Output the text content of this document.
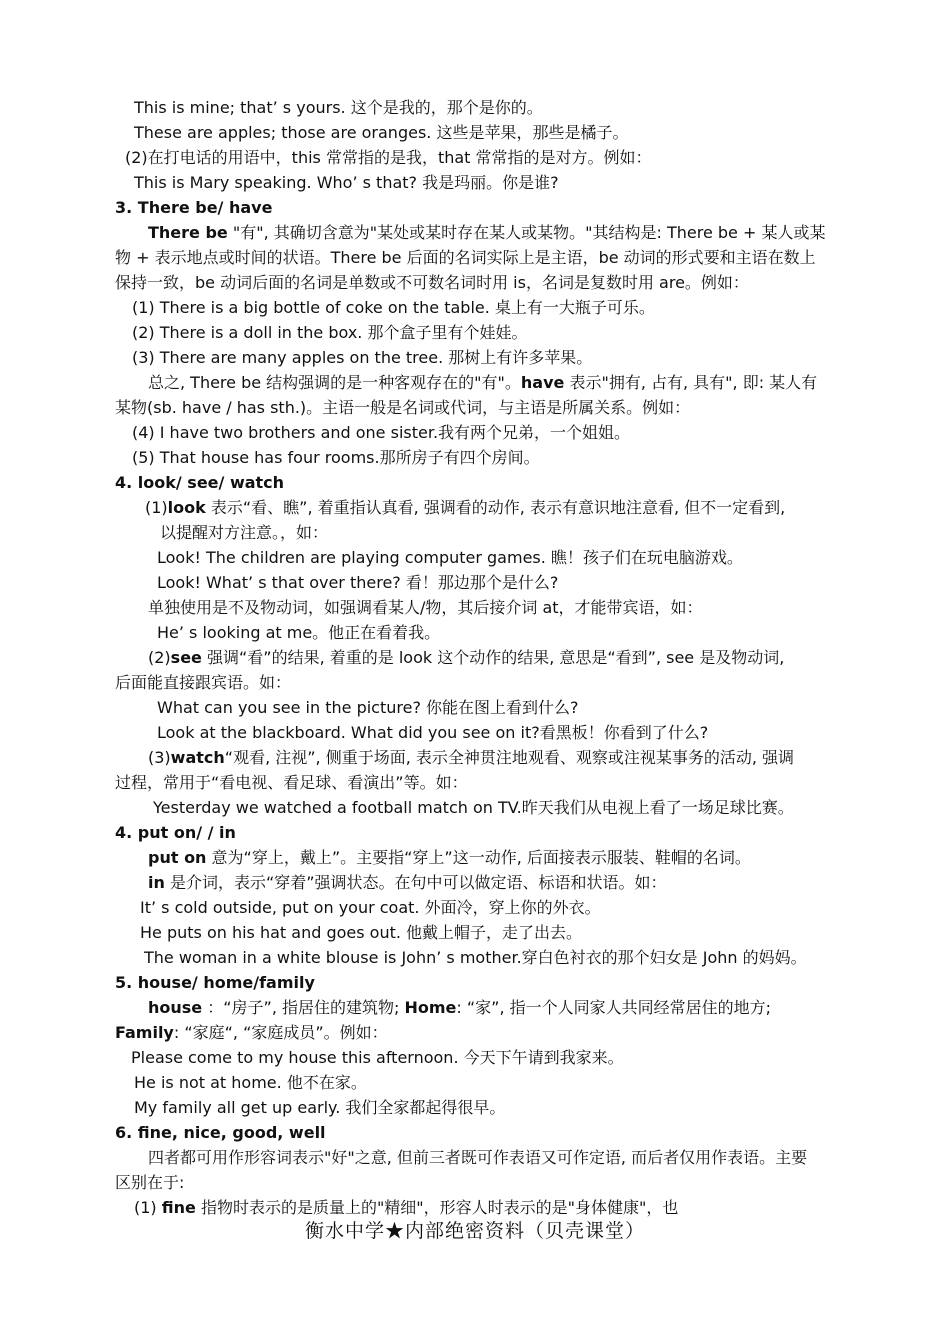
This is mine; that’ s yours. 这个是我的，那个是你的。
These are apples; those are oranges. 这些是苹果，那些是橘子。
(2)在打电话的用语中，this 常常指的是我，that 常常指的是对方。例如：
This is Mary speaking. Who’ s that? 我是玛丽。你是谁?
3. There be/ have
There be "有", 其确切含意为"某处或某时存在某人或某物。"其结构是: There be + 某人或某
物 + 表示地点或时间的状语。There be 后面的名词实际上是主语，be 动词的形式要和主语在数上
保持一致，be 动词后面的名词是单数或不可数名词时用 is，名词是复数时用 are。例如：
(1) There is a big bottle of coke on the table. 桌上有一大瓶子可乐。
(2) There is a doll in the box. 那个盒子里有个娃娃。
(3) There are many apples on the tree. 那树上有许多苹果。
总之, There be 结构强调的是一种客观存在的"有"。have 表示"拥有, 占有, 具有", 即: 某人有
某物(sb. have / has sth.)。主语一般是名词或代词，与主语是所属关系。例如：
(4) I have two brothers and one sister.我有两个兄弟，一个姐姐。
(5) That house has four rooms.那所房子有四个房间。
4. look/ see/ watch
(1)look 表示“看、瞧”, 着重指认真看, 强调看的动作, 表示有意识地注意看, 但不一定看到,
以提醒对方注意。，如：
Look! The children are playing computer games. 瞧！孩子们在玩电脑游戏。
Look! What’ s that over there? 看！那边那个是什么?
单独使用是不及物动词，如强调看某人/物，其后接介词 at，才能带宾语，如：
He’ s looking at me。他正在看着我。
(2)see 强调“看”的结果, 着重的是 look 这个动作的结果, 意思是“看到”, see 是及物动词,
后面能直接跟宾语。如：
What can you see in the picture? 你能在图上看到什么?
Look at the blackboard. What did you see on it?看黑板！你看到了什么?
(3)watch“观看, 注视”, 侧重于场面, 表示全神贯注地观看、观察或注视某事务的活动, 强调
过程，常用于“看电视、看足球、看演出”等。如：
Yesterday we watched a football match on TV.昨天我们从电视上看了一场足球比赛。
4. put on/ / in
put on 意为“穿上，戴上”。主要指“穿上”这一动作, 后面接表示服装、鞋帽的名词。
in 是介词，表示“穿着”强调状态。在句中可以做定语、标语和状语。如：
It’ s cold outside, put on your coat. 外面冷，穿上你的外衣。
He puts on his hat and goes out. 他戴上帽子，走了出去。
The woman in a white blouse is John’ s mother.穿白色衬衣的那个妇女是 John 的妈妈。
5. house/ home/family
house ：“房子”, 指居住的建筑物; Home: “家”, 指一个人同家人共同经常居住的地方;
Family: “家庭“, “家庭成员”。例如：
Please come to my house this afternoon. 今天下午请到我家来。
He is not at home. 他不在家。
My family all get up early. 我们全家都起得很早。
6. fine, nice, good, well
四者都可用作形容词表示"好"之意, 但前三者既可作表语又可作定语, 而后者仅用作表语。主要
区别在于:
(1) fine 指物时表示的是质量上的"精细"，形容人时表示的是"身体健康"，也
衡水中学★内部绝密资料（贝壳课堂）
